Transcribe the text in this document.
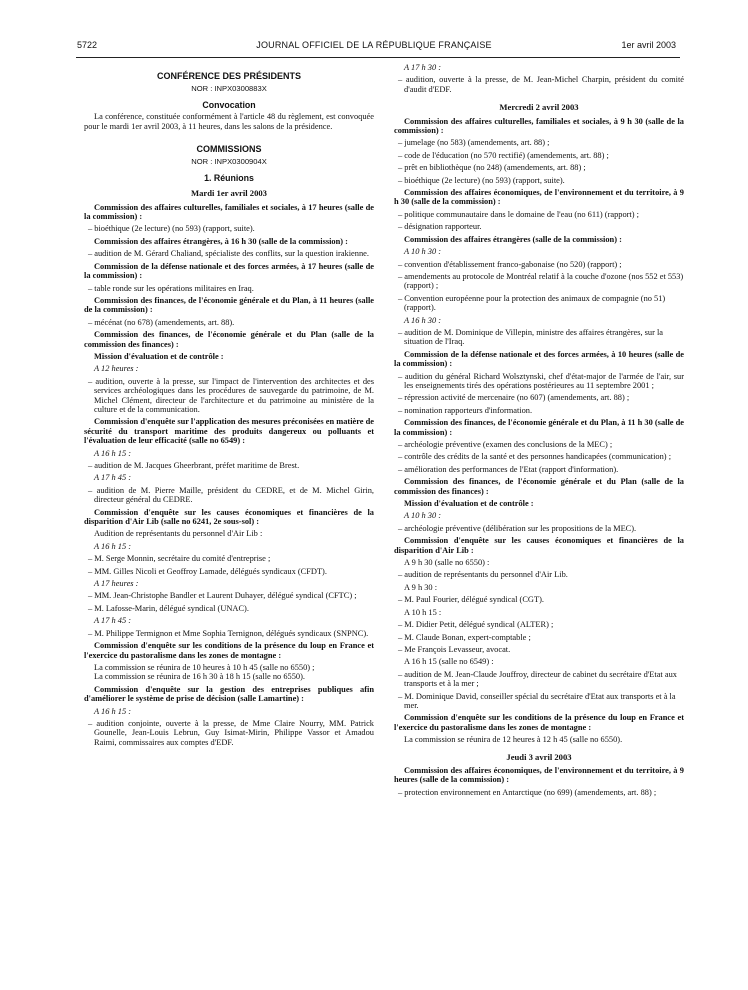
5722	JOURNAL OFFICIEL DE LA RÉPUBLIQUE FRANÇAISE	1er avril 2003
CONFÉRENCE DES PRÉSIDENTS
NOR : INPX0300883X
Convocation

La conférence, constituée conformément à l'article 48 du règlement, est convoquée pour le mardi 1er avril 2003, à 11 heures, dans les salons de la présidence.

COMMISSIONS
NOR : INPX0300904X
1. Réunions
Mardi 1er avril 2003

Commission des affaires culturelles, familiales et sociales, à 17 heures (salle de la commission) :

– bioéthique (2e lecture) (no 593) (rapport, suite).

Commission des affaires étrangères, à 16 h 30 (salle de la commission) :

– audition de M. Gérard Chaliand, spécialiste des conflits, sur la question irakienne.

Commission de la défense nationale et des forces armées, à 17 heures (salle de la commission) :

– table ronde sur les opérations militaires en Iraq.

Commission des finances, de l'économie générale et du Plan, à 11 heures (salle de la commission) :

– mécénat (no 678) (amendements, art. 88).

Commission des finances, de l'économie générale et du Plan (salle de la commission des finances) :

Mission d'évaluation et de contrôle :

A 12 heures :

– audition, ouverte à la presse, sur l'impact de l'intervention des architectes et des services archéologiques dans les procédures de sauvegarde du patrimoine, de M. Michel Clément, directeur de l'architecture et du patrimoine au ministère de la culture et de la communication.

Commission d'enquête sur l'application des mesures préconisées en matière de sécurité du transport maritime des produits dangereux ou polluants et l'évaluation de leur efficacité (salle no 6549) :

A 16 h 15 :

– audition de M. Jacques Gheerbrant, préfet maritime de Brest.

A 17 h 45 :

– audition de M. Pierre Maille, président du CEDRE, et de M. Michel Girin, directeur général du CEDRE.

Commission d'enquête sur les causes économiques et financières de la disparition d'Air Lib (salle no 6241, 2e sous-sol) :

Audition de représentants du personnel d'Air Lib :

A 16 h 15 :

– M. Serge Monnin, secrétaire du comité d'entreprise ;

– MM. Gilles Nicoli et Geoffroy Lamade, délégués syndicaux (CFDT).

A 17 heures :

– MM. Jean-Christophe Bandler et Laurent Duhayer, délégué syndical (CFTC) ;

– M. Lafosse-Marin, délégué syndical (UNAC).

A 17 h 45 :

– M. Philippe Termignon et Mme Sophia Ternignon, délégués syndicaux (SNPNC).

Commission d'enquête sur les conditions de la présence du loup en France et l'exercice du pastoralisme dans les zones de montagne :

La commission se réunira de 10 heures à 10 h 45 (salle no 6550) ;

La commission se réunira de 16 h 30 à 18 h 15 (salle no 6550).

Commission d'enquête sur la gestion des entreprises publiques afin d'améliorer le système de prise de décision (salle Lamartine) :

A 16 h 15 :

– audition conjointe, ouverte à la presse, de Mme Claire Nourry, MM. Patrick Gounelle, Jean-Louis Lebrun, Guy Isimat-Mirin, Philippe Vassor et Amadou Raimi, commissaires aux comptes d'EDF.

A 17 h 30 :

– audition, ouverte à la presse, de M. Jean-Michel Charpin, président du comité d'audit d'EDF.

Mercredi 2 avril 2003

Commission des affaires culturelles, familiales et sociales, à 9 h 30 (salle de la commission) :

– jumelage (no 583) (amendements, art. 88) ;

– code de l'éducation (no 570 rectifié) (amendements, art. 88) ;

– prêt en bibliothèque (no 248) (amendements, art. 88) ;

– bioéthique (2e lecture) (no 593) (rapport, suite).

Commission des affaires économiques, de l'environnement et du territoire, à 9 h 30 (salle de la commission) :

– politique communautaire dans le domaine de l'eau (no 611) (rapport) ;

– désignation rapporteur.

Commission des affaires étrangères (salle de la commission) :

A 10 h 30 :

– convention d'établissement franco-gabonaise (no 520) (rapport) ;

– amendements au protocole de Montréal relatif à la couche d'ozone (nos 552 et 553) (rapport) ;

– Convention européenne pour la protection des animaux de compagnie (no 51) (rapport).

A 16 h 30 :

– audition de M. Dominique de Villepin, ministre des affaires étrangères, sur la situation de l'Iraq.

Commission de la défense nationale et des forces armées, à 10 heures (salle de la commission) :

– audition du général Richard Wolsztynski, chef d'état-major de l'armée de l'air, sur les enseignements tirés des opérations postérieures au 11 septembre 2001 ;

– répression activité de mercenaire (no 607) (amendements, art. 88) ;

– nomination rapporteurs d'information.

Commission des finances, de l'économie générale et du Plan, à 11 h 30 (salle de la commission) :

– archéologie préventive (examen des conclusions de la MEC) ;

– contrôle des crédits de la santé et des personnes handicapées (communication) ;

– amélioration des performances de l'Etat (rapport d'information).

Commission des finances, de l'économie générale et du Plan (salle de la commission des finances) :

Mission d'évaluation et de contrôle :

A 10 h 30 :

– archéologie préventive (délibération sur les propositions de la MEC).

Commission d'enquête sur les causes économiques et financières de la disparition d'Air Lib :

A 9 h 30 (salle no 6550) :

– audition de représentants du personnel d'Air Lib.

A 9 h 30 :

– M. Paul Fourier, délégué syndical (CGT).

A 10 h 15 :

– M. Didier Petit, délégué syndical (ALTER) ;

– M. Claude Bonan, expert-comptable ;

– Me François Levasseur, avocat.

A 16 h 15 (salle no 6549) :

– audition de M. Jean-Claude Jouffroy, directeur de cabinet du secrétaire d'Etat aux transports et à la mer ;

– M. Dominique David, conseiller spécial du secrétaire d'Etat aux transports et à la mer.

Commission d'enquête sur les conditions de la présence du loup en France et l'exercice du pastoralisme dans les zones de montagne :

La commission se réunira de 12 heures à 12 h 45 (salle no 6550).

Jeudi 3 avril 2003

Commission des affaires économiques, de l'environnement et du territoire, à 9 heures (salle de la commission) :

– protection environnement en Antarctique (no 699) (amendements, art. 88) ;
